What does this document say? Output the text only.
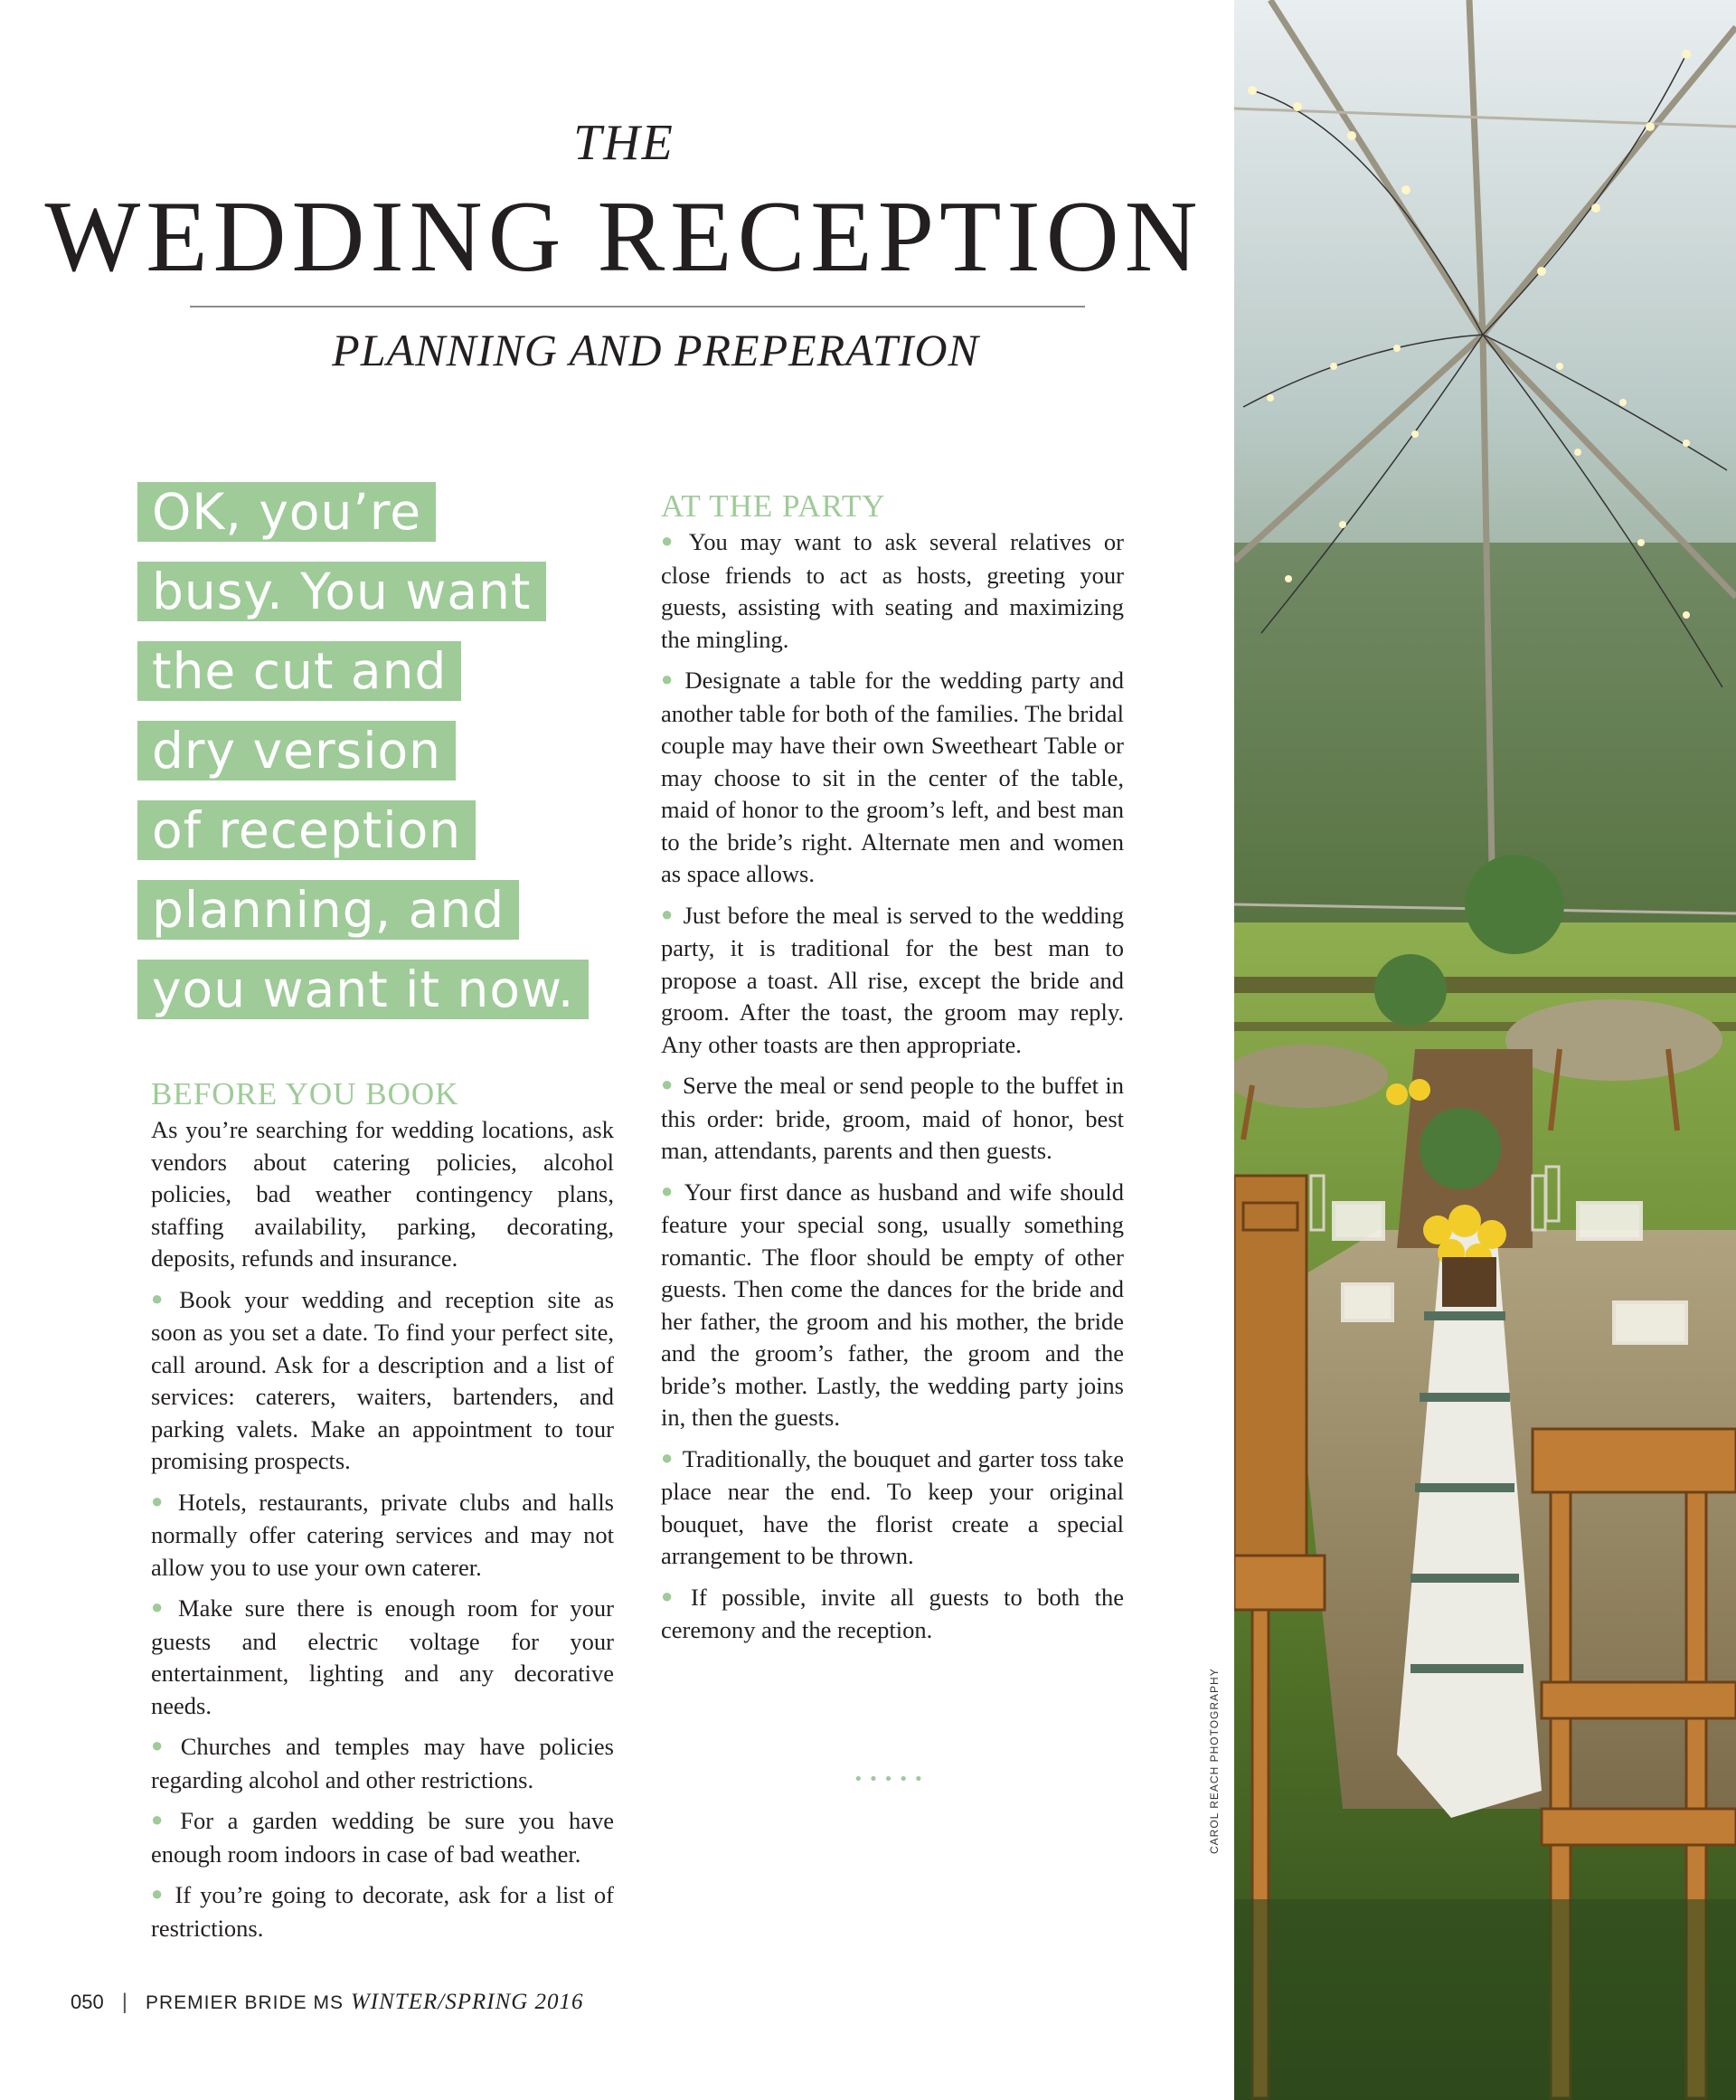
THE
WEDDING RECEPTION
PLANNING AND PREPERATION
OK, you’re
busy. You want
the cut and
dry version
of reception
planning, and
you want it now.
BEFORE YOU BOOK

As you’re searching for wedding locations, ask vendors about catering policies, alcohol policies, bad weather contingency plans, staffing availability, parking, decorating, deposits, refunds and insurance.

● Book your wedding and reception site as soon as you set a date. To find your perfect site, call around. Ask for a description and a list of services: caterers, waiters, bartenders, and parking valets. Make an appointment to tour promising prospects.

● Hotels, restaurants, private clubs and halls normally offer catering services and may not allow you to use your own caterer.

● Make sure there is enough room for your guests and electric voltage for your entertainment, lighting and any decorative needs.

● Churches and temples may have policies regarding alcohol and other restrictions.

● For a garden wedding be sure you have enough room indoors in case of bad weather.

● If you’re going to decorate, ask for a list of restrictions.

AT THE PARTY

● You may want to ask several relatives or close friends to act as hosts, greeting your guests, assisting with seating and maximizing the mingling.

● Designate a table for the wedding party and another table for both of the families. The bridal couple may have their own Sweetheart Table or may choose to sit in the center of the table, maid of honor to the groom’s left, and best man to the bride’s right. Alternate men and women as space allows.

● Just before the meal is served to the wedding party, it is traditional for the best man to propose a toast. All rise, except the bride and groom. After the toast, the groom may reply. Any other toasts are then appropriate.

● Serve the meal or send people to the buffet in this order: bride, groom, maid of honor, best man, attendants, parents and then guests.

● Your first dance as husband and wife should feature your special song, usually something romantic. The floor should be empty of other guests. Then come the dances for the bride and her father, the groom and his mother, the bride and the groom’s father, the groom and the bride’s mother. Lastly, the wedding party joins in, then the guests.

● Traditionally, the bouquet and garter toss take place near the end. To keep your original bouquet, have the florist create a special arrangement to be thrown.

● If possible, invite all guests to both the ceremony and the reception.

•••••
050 | PREMIER BRIDE MS WINTER/SPRING 2016
CAROL REACH PHOTOGRAPHY
